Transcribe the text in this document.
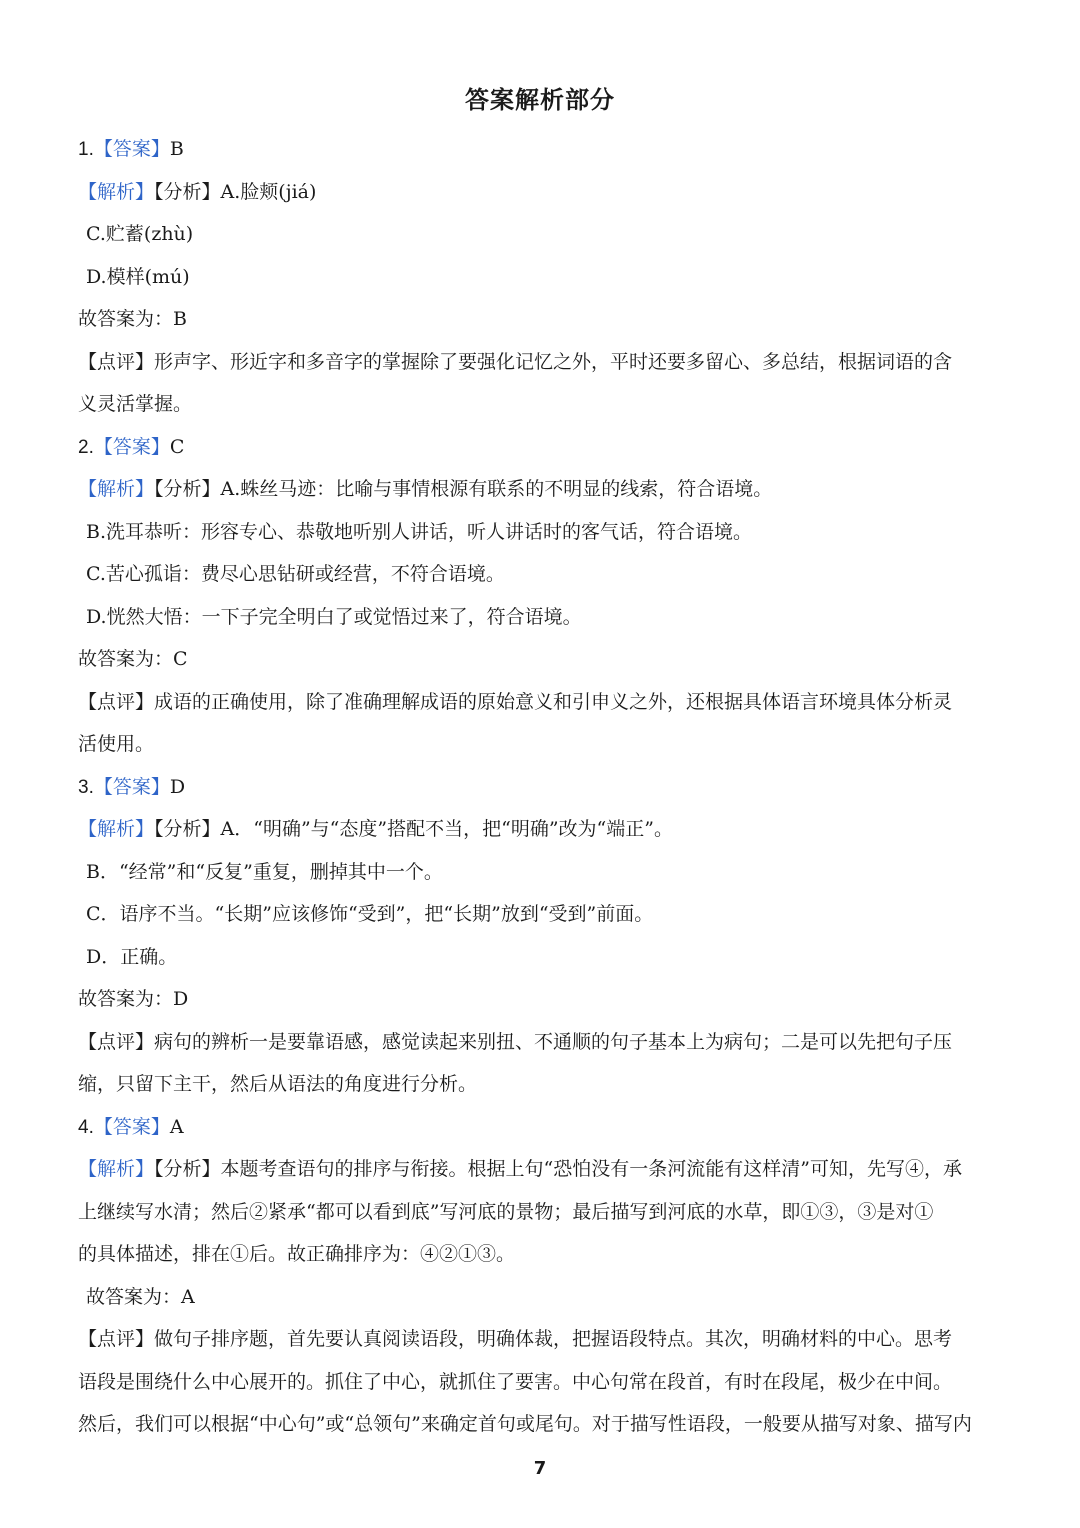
答案解析部分
1.【答案】B
【解析】【分析】A.脸颊(jiá)
C.贮蓄(zhù)
D.模样(mú)
故答案为：B
【点评】形声字、形近字和多音字的掌握除了要强化记忆之外，平时还要多留心、多总结，根据词语的含
义灵活掌握。
2.【答案】C
【解析】【分析】A.蛛丝马迹：比喻与事情根源有联系的不明显的线索，符合语境。
B.洗耳恭听：形容专心、恭敬地听别人讲话，听人讲话时的客气话，符合语境。
C.苦心孤诣：费尽心思钻研或经营，不符合语境。
D.恍然大悟：一下子完全明白了或觉悟过来了，符合语境。
故答案为：C
【点评】成语的正确使用，除了准确理解成语的原始意义和引申义之外，还根据具体语言环境具体分析灵
活使用。
3.【答案】D
【解析】【分析】A．“明确”与“态度”搭配不当，把“明确”改为“端正”。
B．“经常”和“反复”重复，删掉其中一个。
C．语序不当。“长期”应该修饰“受到”，把“长期”放到“受到”前面。
D．正确。
故答案为：D
【点评】病句的辨析一是要靠语感，感觉读起来别扭、不通顺的句子基本上为病句；二是可以先把句子压
缩，只留下主干，然后从语法的角度进行分析。
4.【答案】A
【解析】【分析】本题考查语句的排序与衔接。根据上句“恐怕没有一条河流能有这样清”可知，先写④，承
上继续写水清；然后②紧承“都可以看到底”写河底的景物；最后描写到河底的水草，即①③，③是对①
的具体描述，排在①后。故正确排序为：④②①③。
故答案为：A
【点评】做句子排序题，首先要认真阅读语段，明确体裁，把握语段特点。其次，明确材料的中心。思考
语段是围绕什么中心展开的。抓住了中心，就抓住了要害。中心句常在段首，有时在段尾，极少在中间。
然后，我们可以根据“中心句”或“总领句”来确定首句或尾句。对于描写性语段，一般要从描写对象、描写内
7
